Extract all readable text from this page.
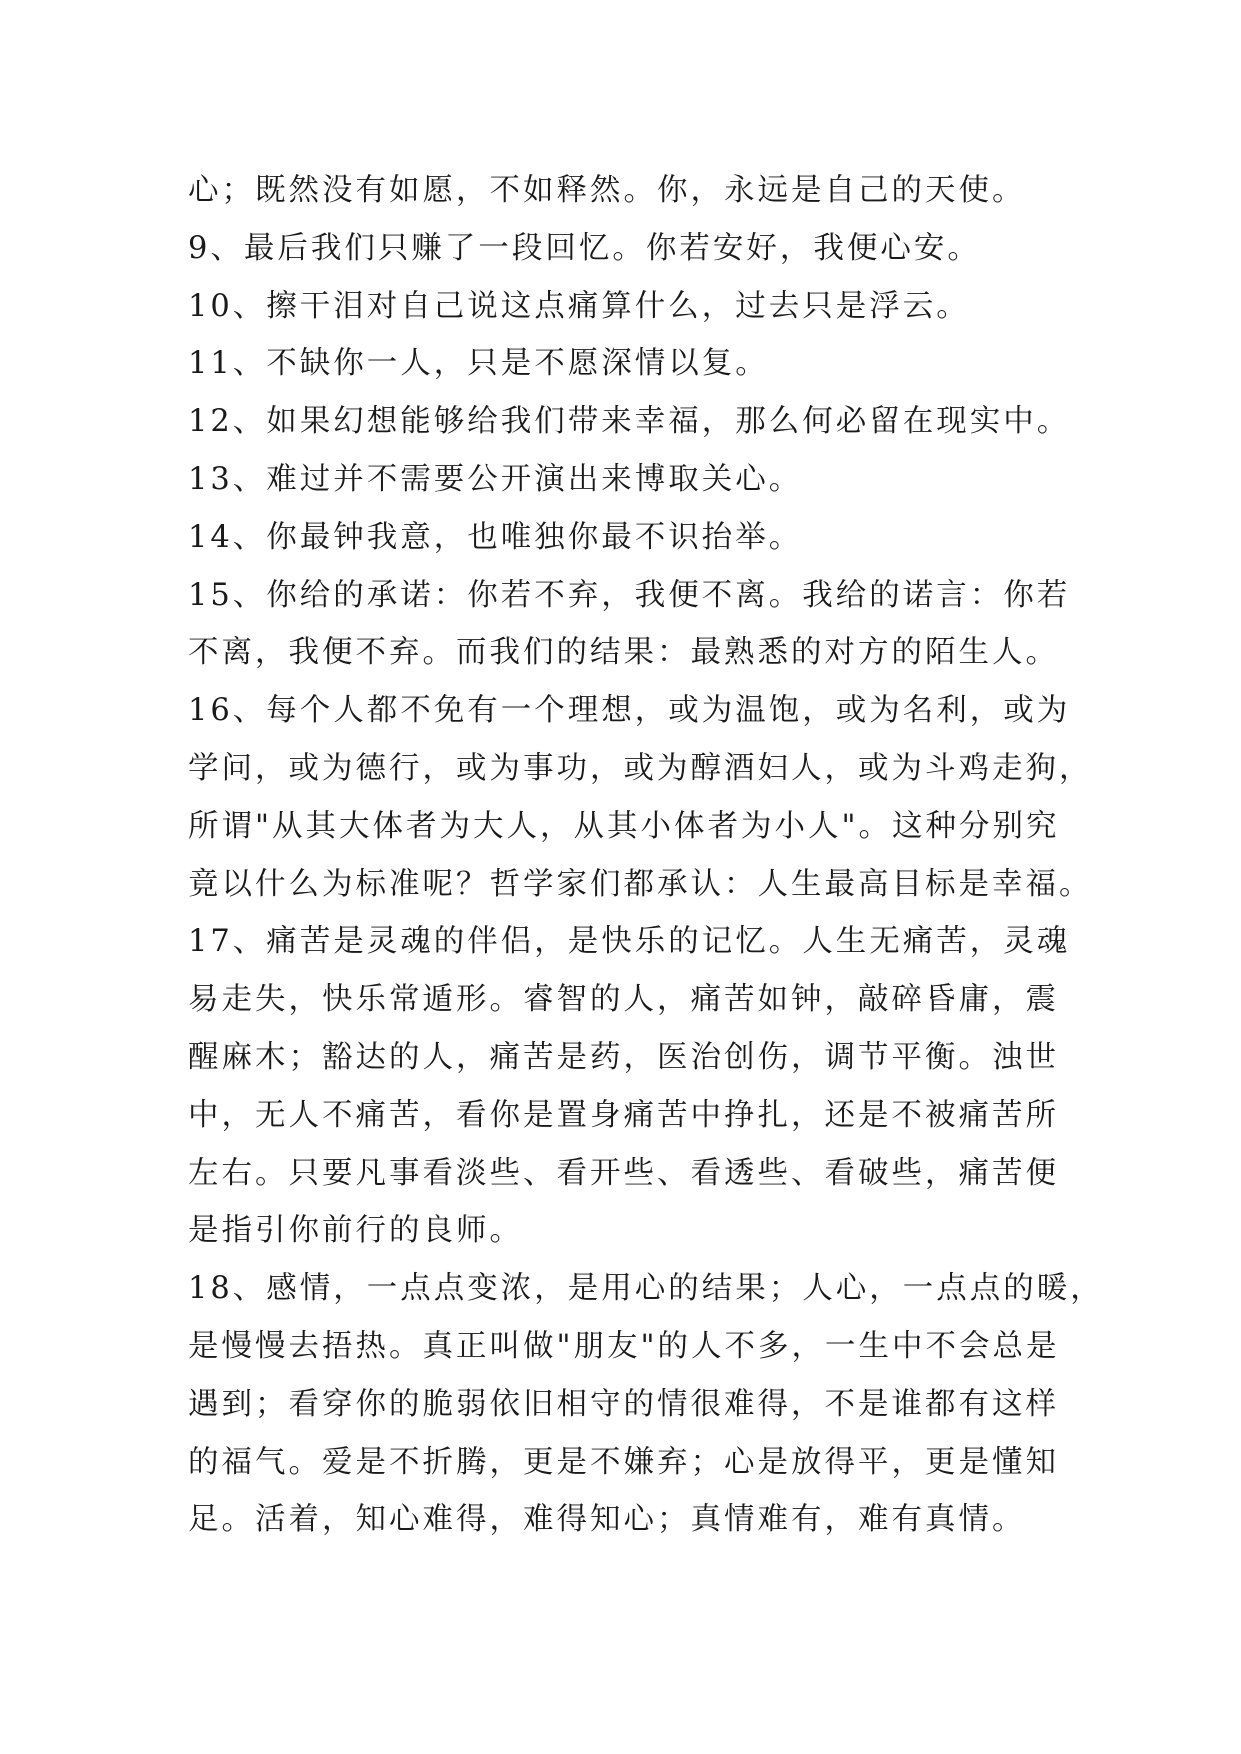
心；既然没有如愿，不如释然。你，永远是自己的天使。
9、最后我们只赚了一段回忆。你若安好，我便心安。
10、擦干泪对自己说这点痛算什么，过去只是浮云。
11、不缺你一人，只是不愿深情以复。
12、如果幻想能够给我们带来幸福，那么何必留在现实中。
13、难过并不需要公开演出来博取关心。
14、你最钟我意，也唯独你最不识抬举。
15、你给的承诺：你若不弃，我便不离。我给的诺言：你若
不离，我便不弃。而我们的结果：最熟悉的对方的陌生人。
16、每个人都不免有一个理想，或为温饱，或为名利，或为
学问，或为德行，或为事功，或为醇酒妇人，或为斗鸡走狗，
所谓"从其大体者为大人，从其小体者为小人"。这种分别究
竟以什么为标准呢？哲学家们都承认：人生最高目标是幸福。
17、痛苦是灵魂的伴侣，是快乐的记忆。人生无痛苦，灵魂
易走失，快乐常遁形。睿智的人，痛苦如钟，敲碎昏庸，震
醒麻木；豁达的人，痛苦是药，医治创伤，调节平衡。浊世
中，无人不痛苦，看你是置身痛苦中挣扎，还是不被痛苦所
左右。只要凡事看淡些、看开些、看透些、看破些，痛苦便
是指引你前行的良师。
18、感情，一点点变浓，是用心的结果；人心，一点点的暖，
是慢慢去捂热。真正叫做"朋友"的人不多，一生中不会总是
遇到；看穿你的脆弱依旧相守的情很难得，不是谁都有这样
的福气。爱是不折腾，更是不嫌弃；心是放得平，更是懂知
足。活着，知心难得，难得知心；真情难有，难有真情。
